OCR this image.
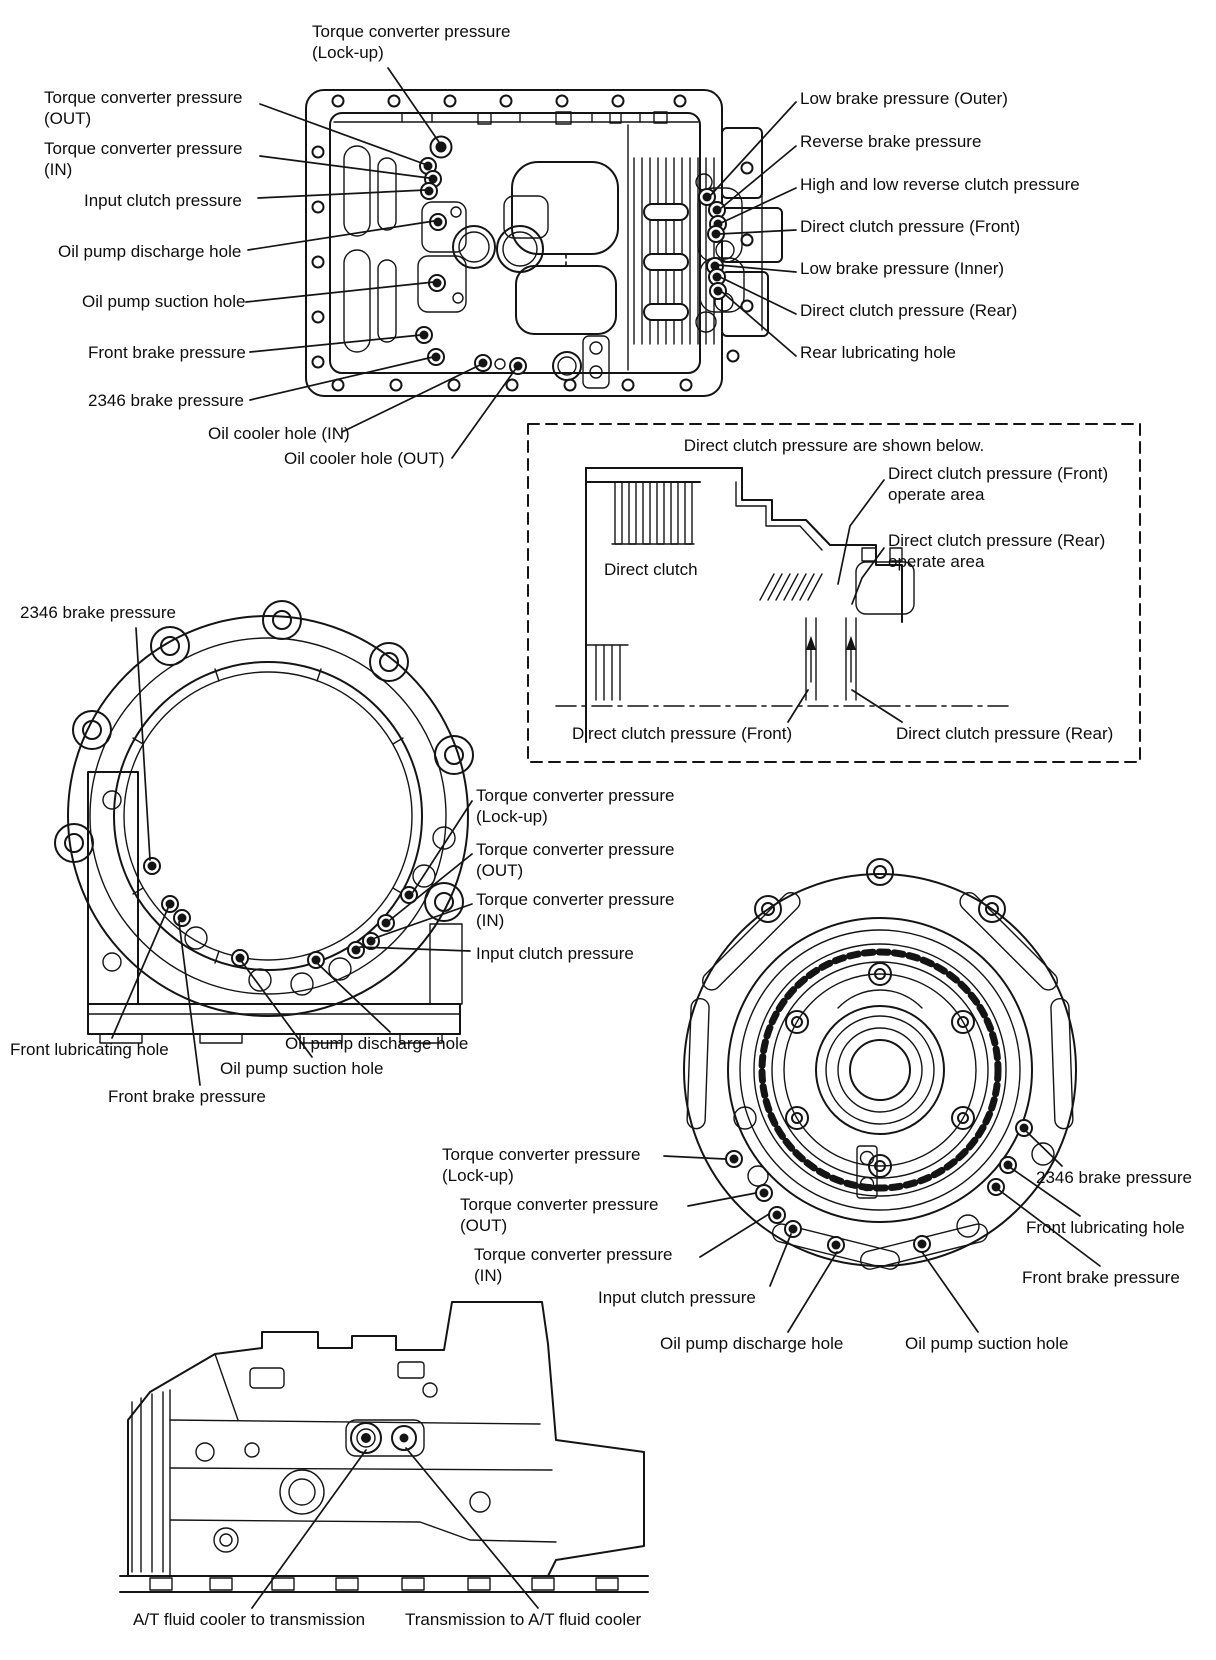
Torque converter pressure (Lock-up)
Torque converter pressure (OUT)
Torque converter pressure (IN)
Input clutch pressure
Oil pump discharge hole
Oil pump suction hole
Front brake pressure
2346 brake pressure
Oil cooler hole (IN)
Oil cooler hole (OUT)
Low brake pressure (Outer)
Reverse brake pressure
High and low reverse clutch pressure
Direct clutch pressure (Front)
Low brake pressure (Inner)
Direct clutch pressure (Rear)
Rear lubricating hole
Direct clutch pressure are shown below.
Direct clutch
Direct clutch pressure (Front) operate area
Direct clutch pressure (Rear) operate area
Direct clutch pressure (Front)	Direct clutch pressure (Rear)
2346 brake pressure
Torque converter pressure (Lock-up)
Torque converter pressure (OUT)
Torque converter pressure (IN)
Input clutch pressure
Front lubricating hole	Oil pump discharge hole
Oil pump suction hole
Front brake pressure
Torque converter pressure (Lock-up)
Torque converter pressure (OUT)
Torque converter pressure (IN)
Input clutch pressure
Oil pump discharge hole	Oil pump suction hole
2346 brake pressure
Front lubricating hole
Front brake pressure
A/T fluid cooler to transmission Transmission to A/T fluid cooler
